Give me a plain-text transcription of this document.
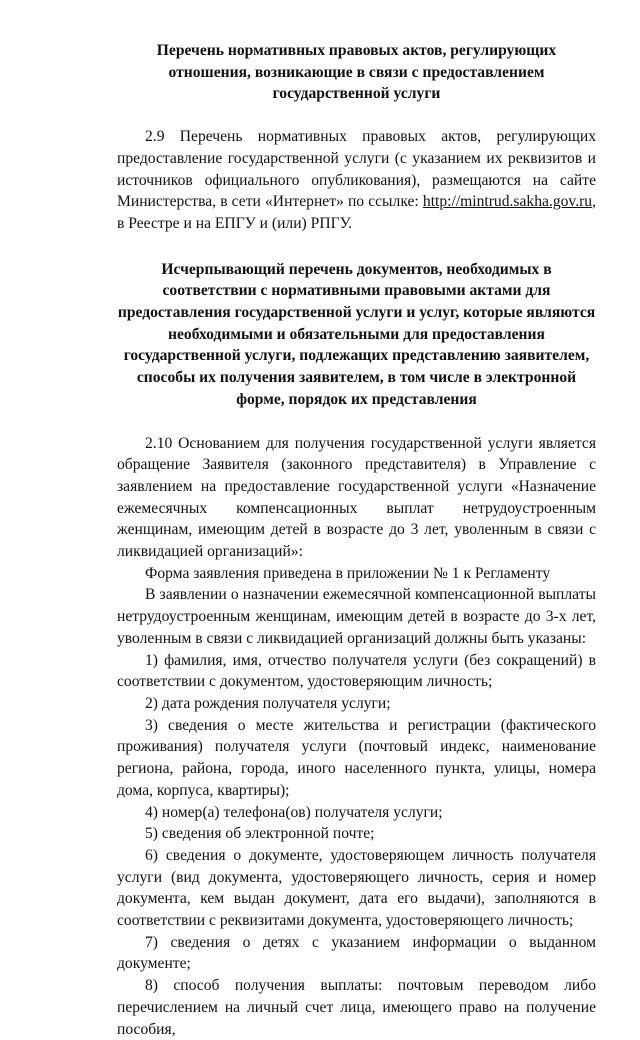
Перечень нормативных правовых актов, регулирующих отношения, возникающие в связи с предоставлением государственной услуги

2.9 Перечень нормативных правовых актов, регулирующих предоставление государственной услуги (с указанием их реквизитов и источников официального опубликования), размещаются на сайте Министерства, в сети «Интернет» по ссылке: http://mintrud.sakha.gov.ru, в Реестре и на ЕПГУ и (или) РПГУ.

Исчерпывающий перечень документов, необходимых в соответствии с нормативными правовыми актами для предоставления государственной услуги и услуг, которые являются необходимыми и обязательными для предоставления государственной услуги, подлежащих представлению заявителем, способы их получения заявителем, в том числе в электронной форме, порядок их представления

2.10 Основанием для получения государственной услуги является обращение Заявителя (законного представителя) в Управление с заявлением на предоставление государственной услуги «Назначение ежемесячных компенсационных выплат нетрудоустроенным женщинам, имеющим детей в возрасте до 3 лет, уволенным в связи с ликвидацией организаций»:

Форма заявления приведена в приложении № 1 к Регламенту

В заявлении о назначении ежемесячной компенсационной выплаты нетрудоустроенным женщинам, имеющим детей в возрасте до 3-х лет, уволенным в связи с ликвидацией организаций должны быть указаны:

1) фамилия, имя, отчество получателя услуги (без сокращений) в соответствии с документом, удостоверяющим личность;

2) дата рождения получателя услуги;

3) сведения о месте жительства и регистрации (фактического проживания) получателя услуги (почтовый индекс, наименование региона, района, города, иного населенного пункта, улицы, номера дома, корпуса, квартиры);

4) номер(а) телефона(ов) получателя услуги;

5) сведения об электронной почте;

6) сведения о документе, удостоверяющем личность получателя услуги (вид документа, удостоверяющего личность, серия и номер документа, кем выдан документ, дата его выдачи), заполняются в соответствии с реквизитами документа, удостоверяющего личность;

7) сведения о детях с указанием информации о выданном документе;

8) способ получения выплаты: почтовым переводом либо перечислением на личный счет лица, имеющего право на получение пособия,
